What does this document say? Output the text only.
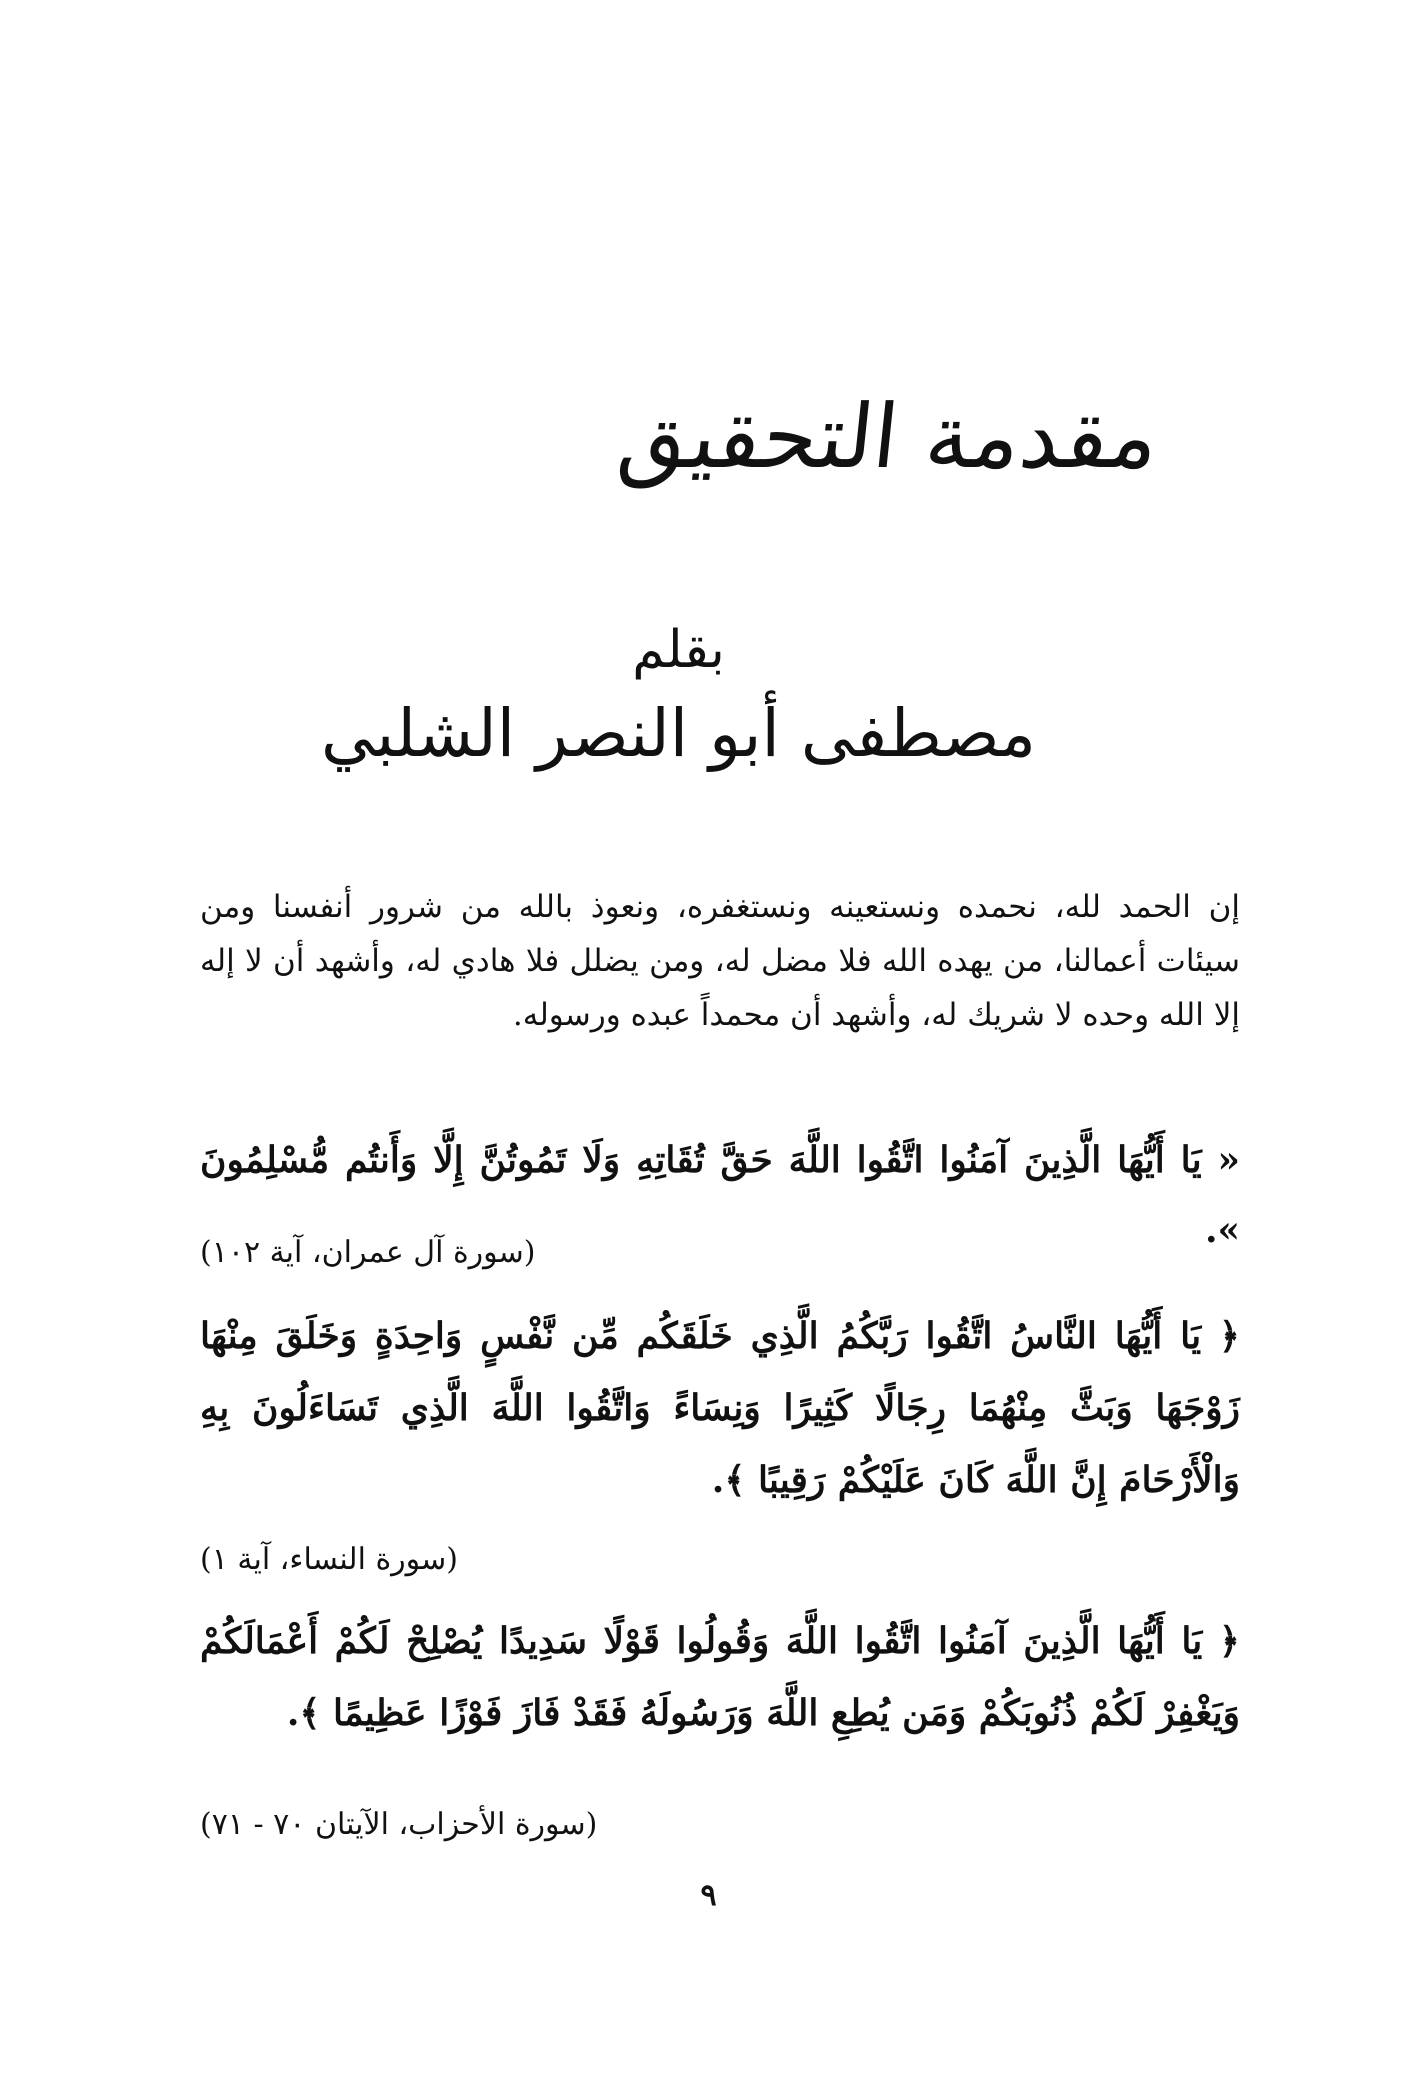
مقدمة التحقيق
بقلم
مصطفى أبو النصر الشلبي

إن الحمد لله، نحمده ونستعينه ونستغفره، ونعوذ بالله من شرور أنفسنا ومن سيئات أعمالنا، من يهده الله فلا مضل له، ومن يضلل فلا هادي له، وأشهد أن لا إله إلا الله وحده لا شريك له، وأشهد أن محمداً عبده ورسوله.

« يَا أَيُّهَا الَّذِينَ آمَنُوا اتَّقُوا اللَّهَ حَقَّ تُقَاتِهِ وَلَا تَمُوتُنَّ إِلَّا وَأَنتُم مُّسْلِمُونَ ».

(سورة آل عمران، آية ١٠٢)

﴿ يَا أَيُّهَا النَّاسُ اتَّقُوا رَبَّكُمُ الَّذِي خَلَقَكُم مِّن نَّفْسٍ وَاحِدَةٍ وَخَلَقَ مِنْهَا زَوْجَهَا وَبَثَّ مِنْهُمَا رِجَالًا كَثِيرًا وَنِسَاءً وَاتَّقُوا اللَّهَ الَّذِي تَسَاءَلُونَ بِهِ وَالْأَرْحَامَ إِنَّ اللَّهَ كَانَ عَلَيْكُمْ رَقِيبًا ﴾.

(سورة النساء، آية ١)

﴿ يَا أَيُّهَا الَّذِينَ آمَنُوا اتَّقُوا اللَّهَ وَقُولُوا قَوْلًا سَدِيدًا يُصْلِحْ لَكُمْ أَعْمَالَكُمْ وَيَغْفِرْ لَكُمْ ذُنُوبَكُمْ وَمَن يُطِعِ اللَّهَ وَرَسُولَهُ فَقَدْ فَازَ فَوْزًا عَظِيمًا ﴾.

(سورة الأحزاب، الآيتان ٧٠ - ٧١)
٩
